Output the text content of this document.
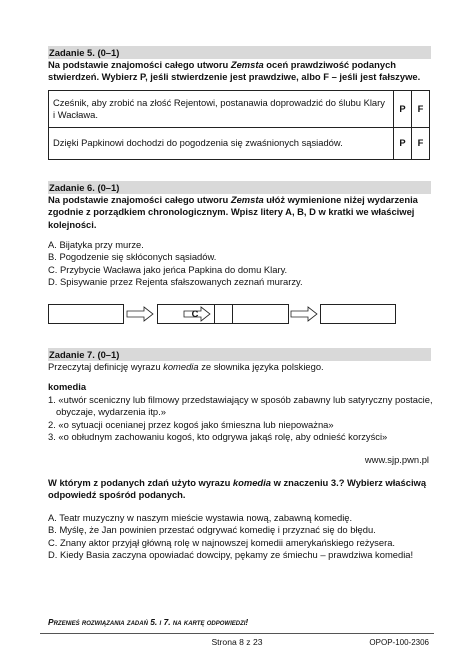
Zadanie 5. (0–1)
Na podstawie znajomości całego utworu Zemsta oceń prawdziwość podanych stwierdzeń. Wybierz P, jeśli stwierdzenie jest prawdziwe, albo F – jeśli jest fałszywe.
Cześnik, aby zrobić na złość Rejentowi, postanawia doprowadzić do ślubu Klary i Wacława.	P	F
Dzięki Papkinowi dochodzi do pogodzenia się zwaśnionych sąsiadów.	P	F
Zadanie 6. (0–1)
Na podstawie znajomości całego utworu Zemsta ułóż wymienione niżej wydarzenia zgodnie z porządkiem chronologicznym. Wpisz litery A, B, D w kratki we właściwej kolejności.
A. Bijatyka przy murze.
B. Pogodzenie się skłóconych sąsiadów.
C. Przybycie Wacława jako jeńca Papkina do domu Klary.
D. Spisywanie przez Rejenta sfałszowanych zeznań murarzy.
C
Zadanie 7. (0–1)
Przeczytaj definicję wyrazu komedia ze słownika języka polskiego.
komedia
1. «utwór sceniczny lub filmowy przedstawiający w sposób zabawny lub satyryczny postacie, obyczaje, wydarzenia itp.»
2. «o sytuacji ocenianej przez kogoś jako śmieszna lub niepoważna»
3. «o obłudnym zachowaniu kogoś, kto odgrywa jakąś rolę, aby odnieść korzyści»
www.sjp.pwn.pl
W którym z podanych zdań użyto wyrazu komedia w znaczeniu 3.? Wybierz właściwą odpowiedź spośród podanych.
A. Teatr muzyczny w naszym mieście wystawia nową, zabawną komedię.
B. Myślę, że Jan powinien przestać odgrywać komedię i przyznać się do błędu.
C. Znany aktor przyjął główną rolę w najnowszej komedii amerykańskiego reżysera.
D. Kiedy Basia zaczyna opowiadać dowcipy, pękamy ze śmiechu – prawdziwa komedia!
Przenieś rozwiązania zadań 5. i 7. na kartę odpowiedzi!
Strona 8 z 23	OPOP-100-2306
